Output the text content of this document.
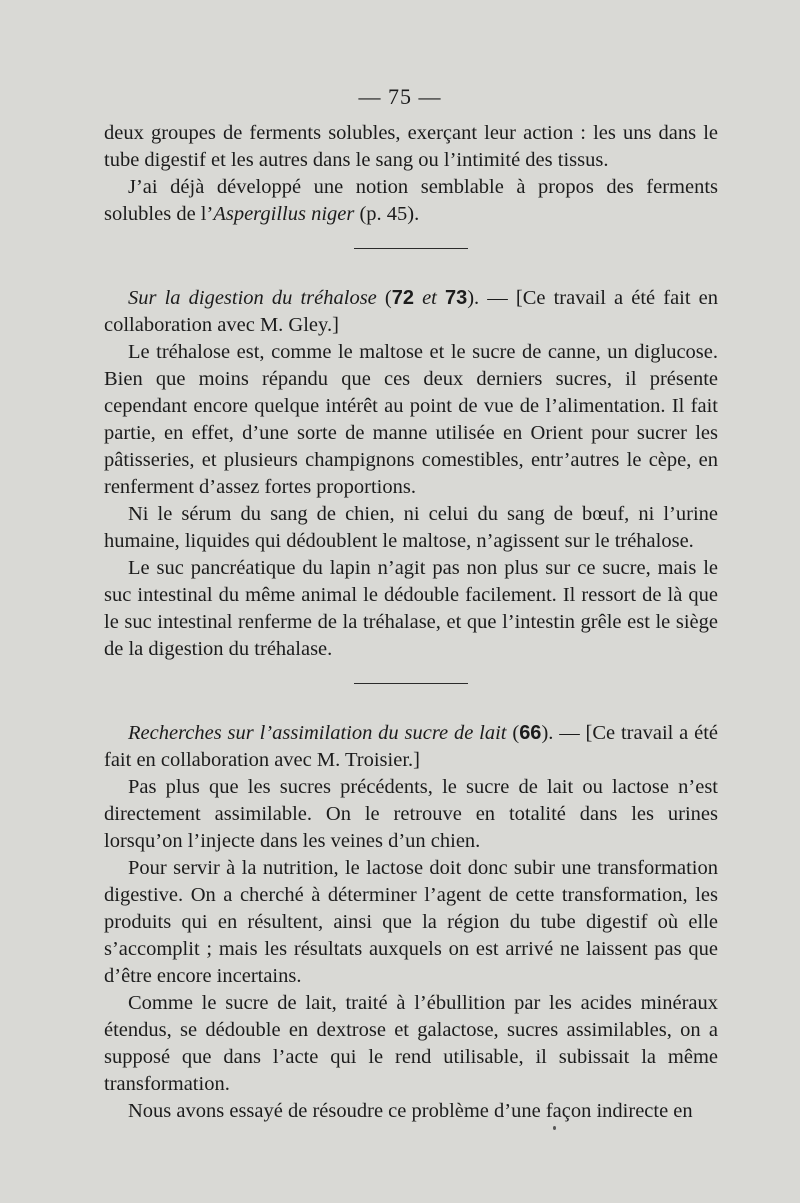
— 75 —

deux groupes de ferments solubles, exerçant leur action : les uns dans le tube digestif et les autres dans le sang ou l’intimité des tissus.

J’ai déjà développé une notion semblable à propos des ferments solubles de l’Aspergillus niger (p. 45).

Sur la digestion du tréhalose (72 et 73). — [Ce travail a été fait en collaboration avec M. Gley.]

Le tréhalose est, comme le maltose et le sucre de canne, un diglucose. Bien que moins répandu que ces deux derniers sucres, il présente cependant encore quelque intérêt au point de vue de l’alimentation. Il fait partie, en effet, d’une sorte de manne utilisée en Orient pour sucrer les pâtisseries, et plusieurs champignons comestibles, entr’autres le cèpe, en renferment d’assez fortes proportions.

Ni le sérum du sang de chien, ni celui du sang de bœuf, ni l’urine humaine, liquides qui dédoublent le maltose, n’agissent sur le tréhalose.

Le suc pancréatique du lapin n’agit pas non plus sur ce sucre, mais le suc intestinal du même animal le dédouble facilement. Il ressort de là que le suc intestinal renferme de la tréhalase, et que l’intestin grêle est le siège de la digestion du tréhalase.

Recherches sur l’assimilation du sucre de lait (66). — [Ce travail a été fait en collaboration avec M. Troisier.]

Pas plus que les sucres précédents, le sucre de lait ou lactose n’est directement assimilable. On le retrouve en totalité dans les urines lorsqu’on l’injecte dans les veines d’un chien.

Pour servir à la nutrition, le lactose doit donc subir une transformation digestive. On a cherché à déterminer l’agent de cette transformation, les produits qui en résultent, ainsi que la région du tube digestif où elle s’accomplit ; mais les résultats auxquels on est arrivé ne laissent pas que d’être encore incertains.

Comme le sucre de lait, traité à l’ébullition par les acides minéraux étendus, se dédouble en dextrose et galactose, sucres assimilables, on a supposé que dans l’acte qui le rend utilisable, il subissait la même transformation.

Nous avons essayé de résoudre ce problème d’une façon indirecte en
